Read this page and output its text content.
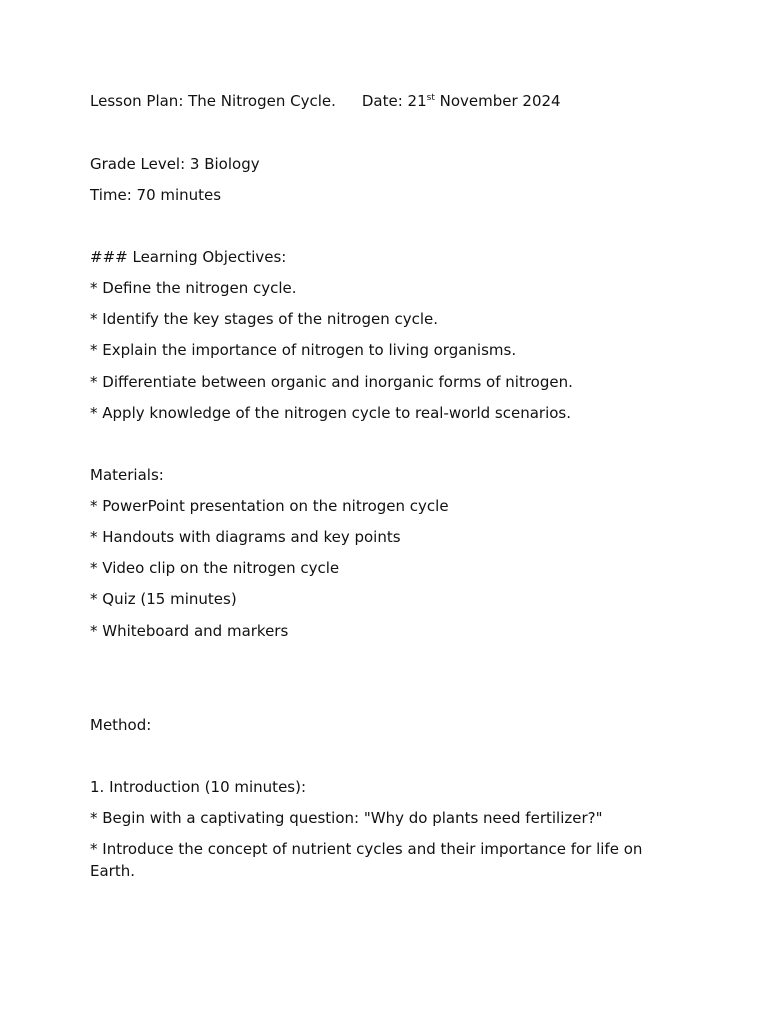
Lesson Plan: The Nitrogen Cycle. Date: 21st November 2024
Grade Level: 3 Biology
Time: 70 minutes
### Learning Objectives:
* Define the nitrogen cycle.
* Identify the key stages of the nitrogen cycle.
* Explain the importance of nitrogen to living organisms.
* Differentiate between organic and inorganic forms of nitrogen.
* Apply knowledge of the nitrogen cycle to real-world scenarios.
Materials:
* PowerPoint presentation on the nitrogen cycle
* Handouts with diagrams and key points
* Video clip on the nitrogen cycle
* Quiz (15 minutes)
* Whiteboard and markers
Method:
1. Introduction (10 minutes):
* Begin with a captivating question: "Why do plants need fertilizer?"
* Introduce the concept of nutrient cycles and their importance for life on Earth.
